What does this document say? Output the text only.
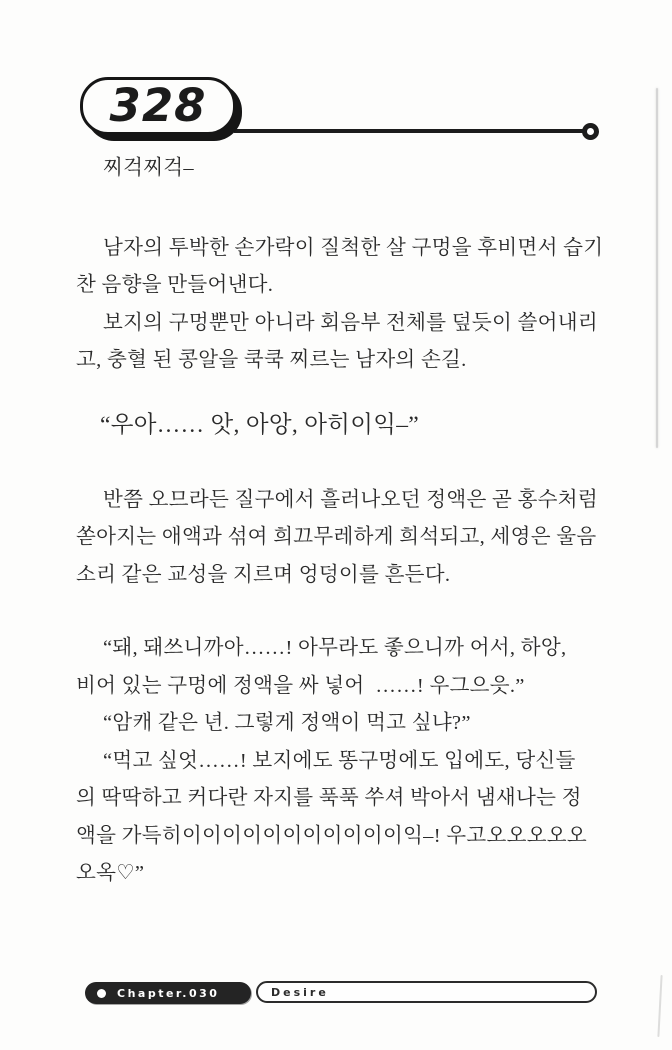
328
찌걱찌걱–
남자의 투박한 손가락이 질척한 살 구멍을 후비면서 습기
찬 음향을 만들어낸다.
보지의 구멍뿐만 아니라 회음부 전체를 덮듯이 쓸어내리
고, 충혈 된 콩알을 쿡쿡 찌르는 남자의 손길.
“우아…… 앗, 아앙, 아히이익–”
반쯤 오므라든 질구에서 흘러나오던 정액은 곧 홍수처럼
쏟아지는 애액과 섞여 희끄무레하게 희석되고, 세영은 울음
소리 같은 교성을 지르며 엉덩이를 흔든다.
“돼, 돼쓰니까아……! 아무라도 좋으니까 어서, 하앙,
비어 있는 구멍에 정액을 싸 넣어  ……! 우그으읏.”
“암캐 같은 년. 그렇게 정액이 먹고 싶냐?”
“먹고 싶엇……! 보지에도 똥구멍에도 입에도, 당신들
의 딱딱하고 커다란 자지를 푹푹 쑤셔 박아서 냄새나는 정
액을 가득히이이이이이이이이이이이익–! 우고오오오오오
오옥♡”
Chapter.030	Desire
